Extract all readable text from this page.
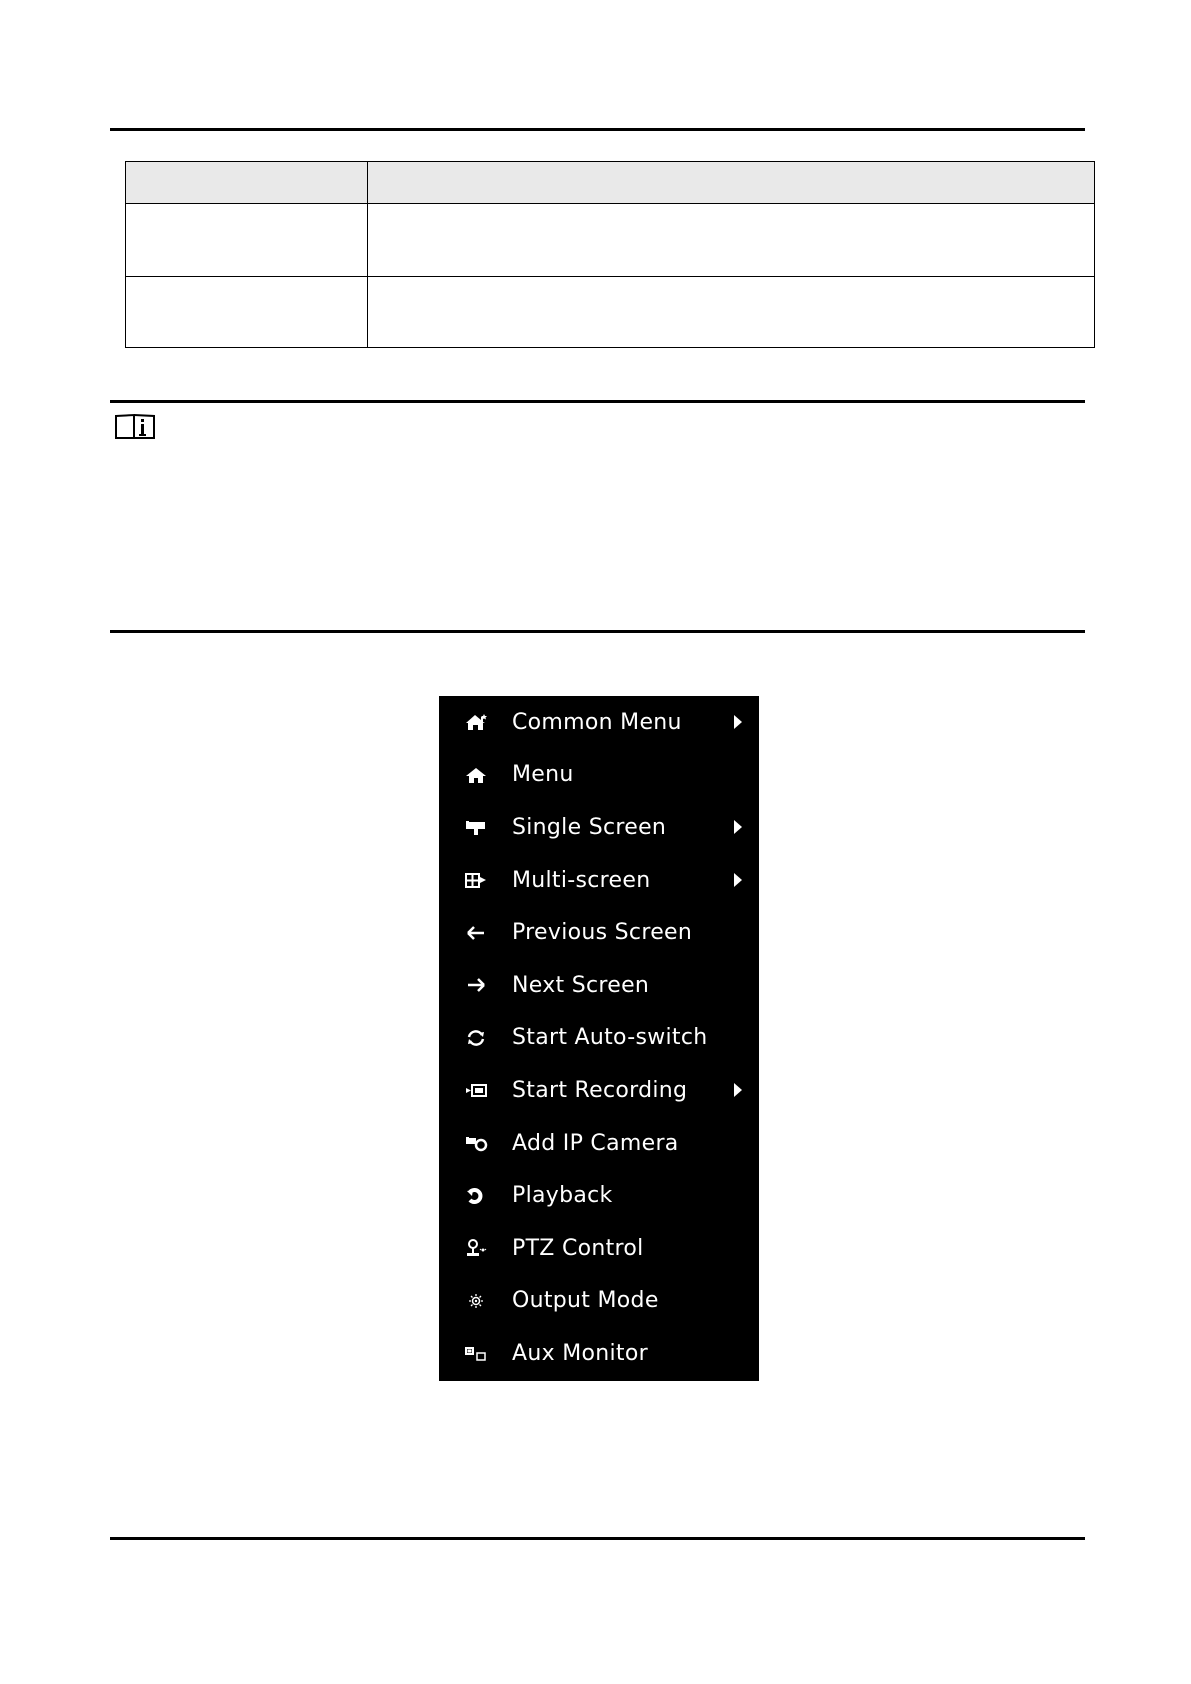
Common Menu
Menu
Single Screen
Multi-screen
Previous Screen
Next Screen
Start Auto-switch
Start Recording
Add IP Camera
Playback
PTZ Control
Output Mode
Aux Monitor
